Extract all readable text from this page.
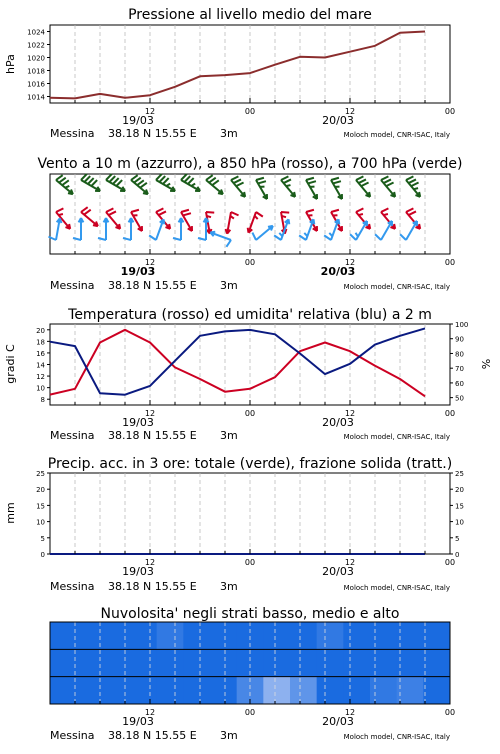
Pressione al livello medio del mare
1014
1016
1018
1020
1022
1024
hPa
12	00	12	00
19/03	20/03
Vento a 10 m (azzurro), a 850 hPa (rosso), a 700 hPa (verde)
12	00	12	00
19/03	20/03
Temperatura (rosso) ed umidita' relativa (blu) a 2 m
8
10
12
14
16
18
20
50
60
70
80
90
100
gradi C	%
12	00	12	00
19/03	20/03
Precip. acc. in 3 ore: totale (verde), frazione solida (tratt.)
0
5
10
15
20
25
0
5
10
15
20
25
mm
12	00	12	00
19/03	20/03
Nuvolosita' negli strati basso, medio e alto
12	00	12	00
19/03	20/03
Messina 38.18 N 15.55 E 3m	Moloch model, CNR-ISAC, Italy
Messina 38.18 N 15.55 E 3m	Moloch model, CNR-ISAC, Italy
Messina 38.18 N 15.55 E 3m	Moloch model, CNR-ISAC, Italy
Messina 38.18 N 15.55 E 3m	Moloch model, CNR-ISAC, Italy
Messina 38.18 N 15.55 E 3m	Moloch model, CNR-ISAC, Italy
